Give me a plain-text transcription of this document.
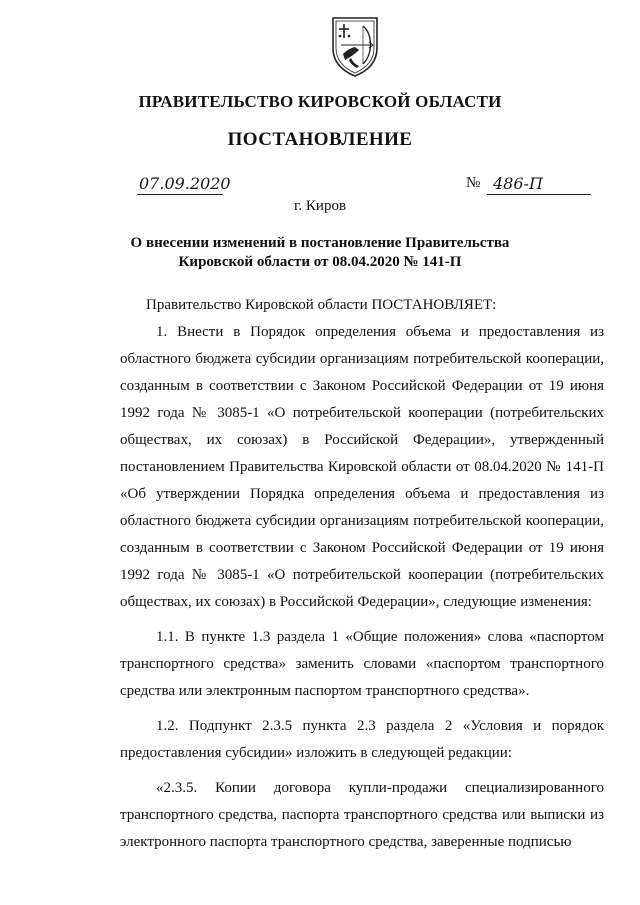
ПРАВИТЕЛЬСТВО КИРОВСКОЙ ОБЛАСТИ
ПОСТАНОВЛЕНИЕ
07.09.2020	№ 486-П
г. Киров
О внесении изменений в постановление Правительства
Кировской области от 08.04.2020 № 141-П

Правительство Кировской области ПОСТАНОВЛЯЕТ:

1. Внести в Порядок определения объема и предоставления из областного бюджета субсидии организациям потребительской кооперации, созданным в соответствии с Законом Российской Федерации от 19 июня 1992 года № 3085-1 «О потребительской кооперации (потребительских обществах, их союзах) в Российской Федерации», утвержденный постановлением Правительства Кировской области от 08.04.2020 № 141-П «Об утверждении Порядка определения объема и предоставления из областного бюджета субсидии организациям потребительской кооперации, созданным в соответствии с Законом Российской Федерации от 19 июня 1992 года № 3085-1 «О потребительской кооперации (потребительских обществах, их союзах) в Российской Федерации», следующие изменения:

1.1. В пункте 1.3 раздела 1 «Общие положения» слова «паспортом транспортного средства» заменить словами «паспортом транспортного средства или электронным паспортом транспортного средства».

1.2. Подпункт 2.3.5 пункта 2.3 раздела 2 «Условия и порядок предоставления субсидии» изложить в следующей редакции:

«2.3.5. Копии договора купли-продажи специализированного транспортного средства, паспорта транспортного средства или выписки из электронного паспорта транспортного средства, заверенные подписью
